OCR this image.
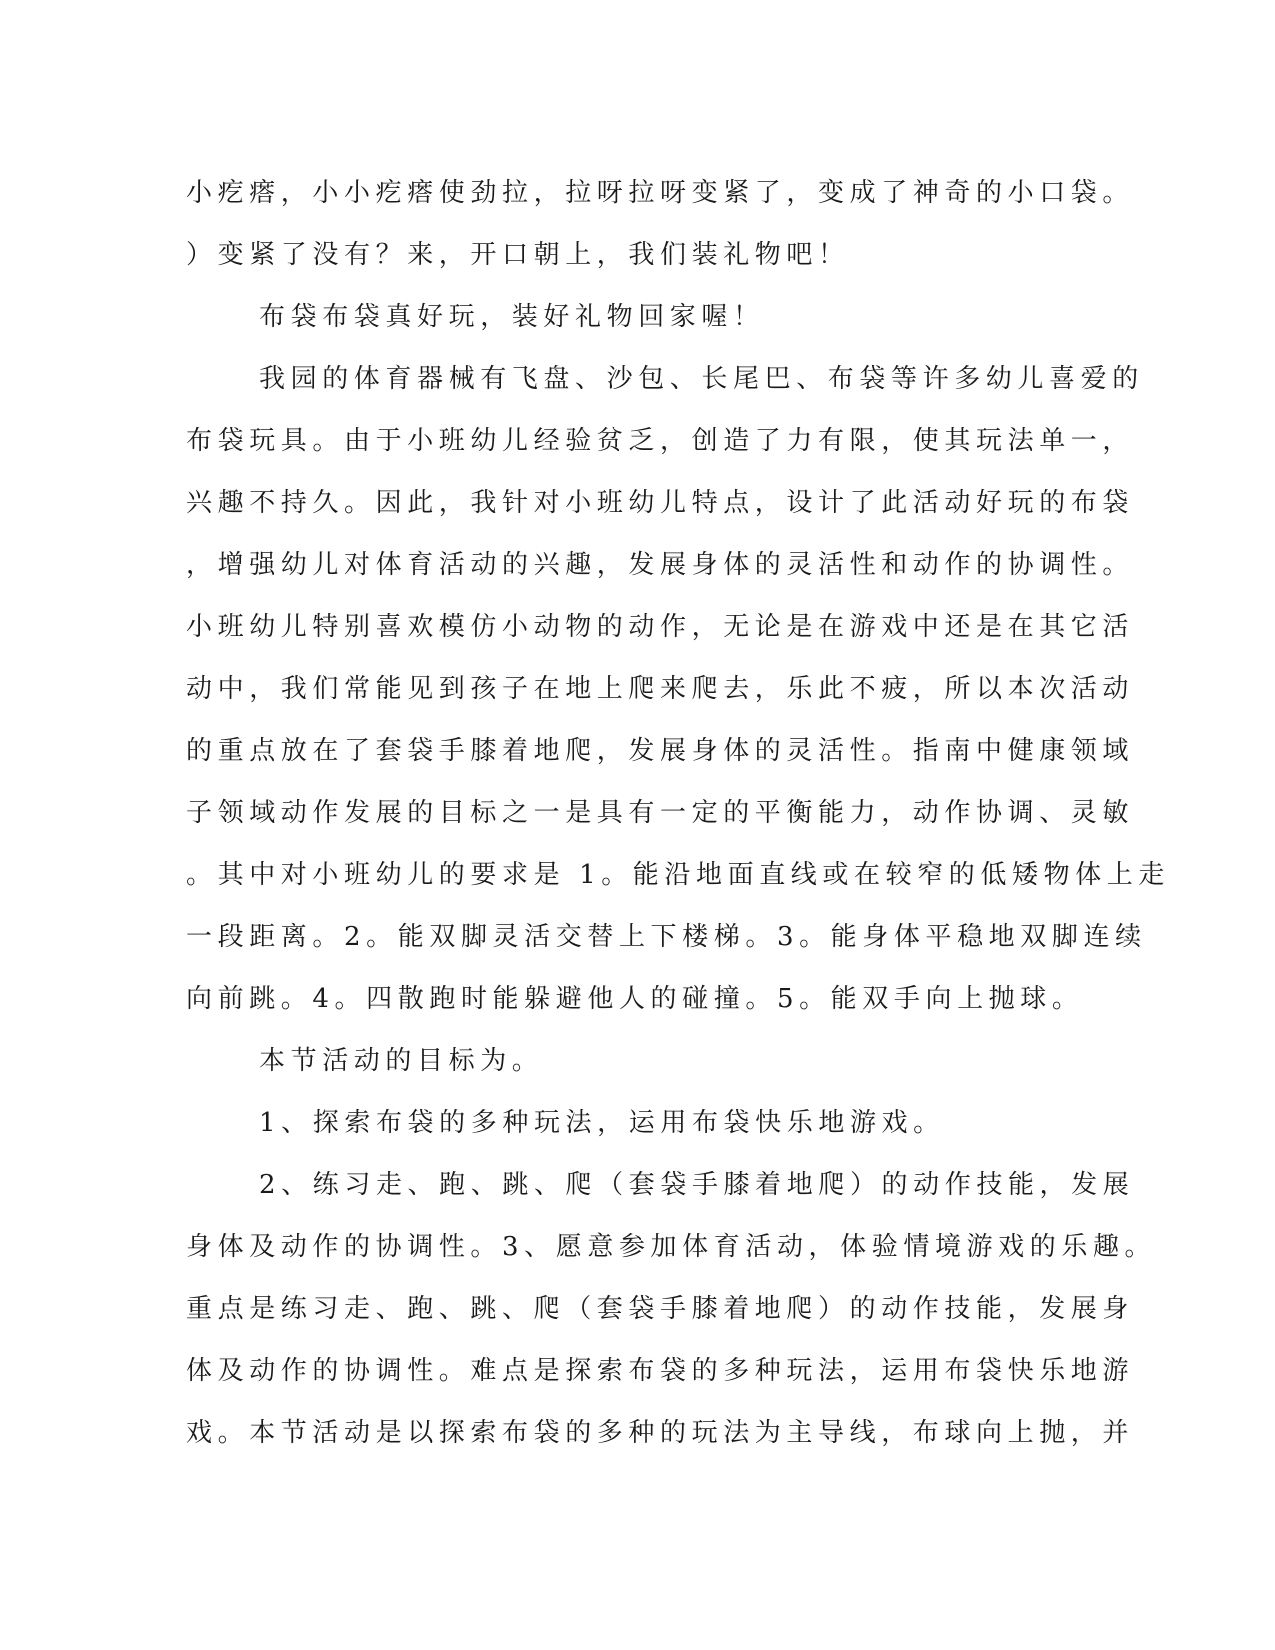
小疙瘩，小小疙瘩使劲拉，拉呀拉呀变紧了，变成了神奇的小口袋。
）变紧了没有？来，开口朝上，我们装礼物吧！
布袋布袋真好玩，装好礼物回家喔！
我园的体育器械有飞盘、沙包、长尾巴、布袋等许多幼儿喜爱的
布袋玩具。由于小班幼儿经验贫乏，创造了力有限，使其玩法单一，
兴趣不持久。因此，我针对小班幼儿特点，设计了此活动好玩的布袋
，增强幼儿对体育活动的兴趣，发展身体的灵活性和动作的协调性。
小班幼儿特别喜欢模仿小动物的动作，无论是在游戏中还是在其它活
动中，我们常能见到孩子在地上爬来爬去，乐此不疲，所以本次活动
的重点放在了套袋手膝着地爬，发展身体的灵活性。指南中健康领域
子领域动作发展的目标之一是具有一定的平衡能力，动作协调、灵敏
。其中对小班幼儿的要求是 1。能沿地面直线或在较窄的低矮物体上走
一段距离。2。能双脚灵活交替上下楼梯。3。能身体平稳地双脚连续
向前跳。4。四散跑时能躲避他人的碰撞。5。能双手向上抛球。
本节活动的目标为。
1、探索布袋的多种玩法，运用布袋快乐地游戏。
2、练习走、跑、跳、爬（套袋手膝着地爬）的动作技能，发展
身体及动作的协调性。3、愿意参加体育活动，体验情境游戏的乐趣。
重点是练习走、跑、跳、爬（套袋手膝着地爬）的动作技能，发展身
体及动作的协调性。难点是探索布袋的多种玩法，运用布袋快乐地游
戏。本节活动是以探索布袋的多种的玩法为主导线，布球向上抛，并
